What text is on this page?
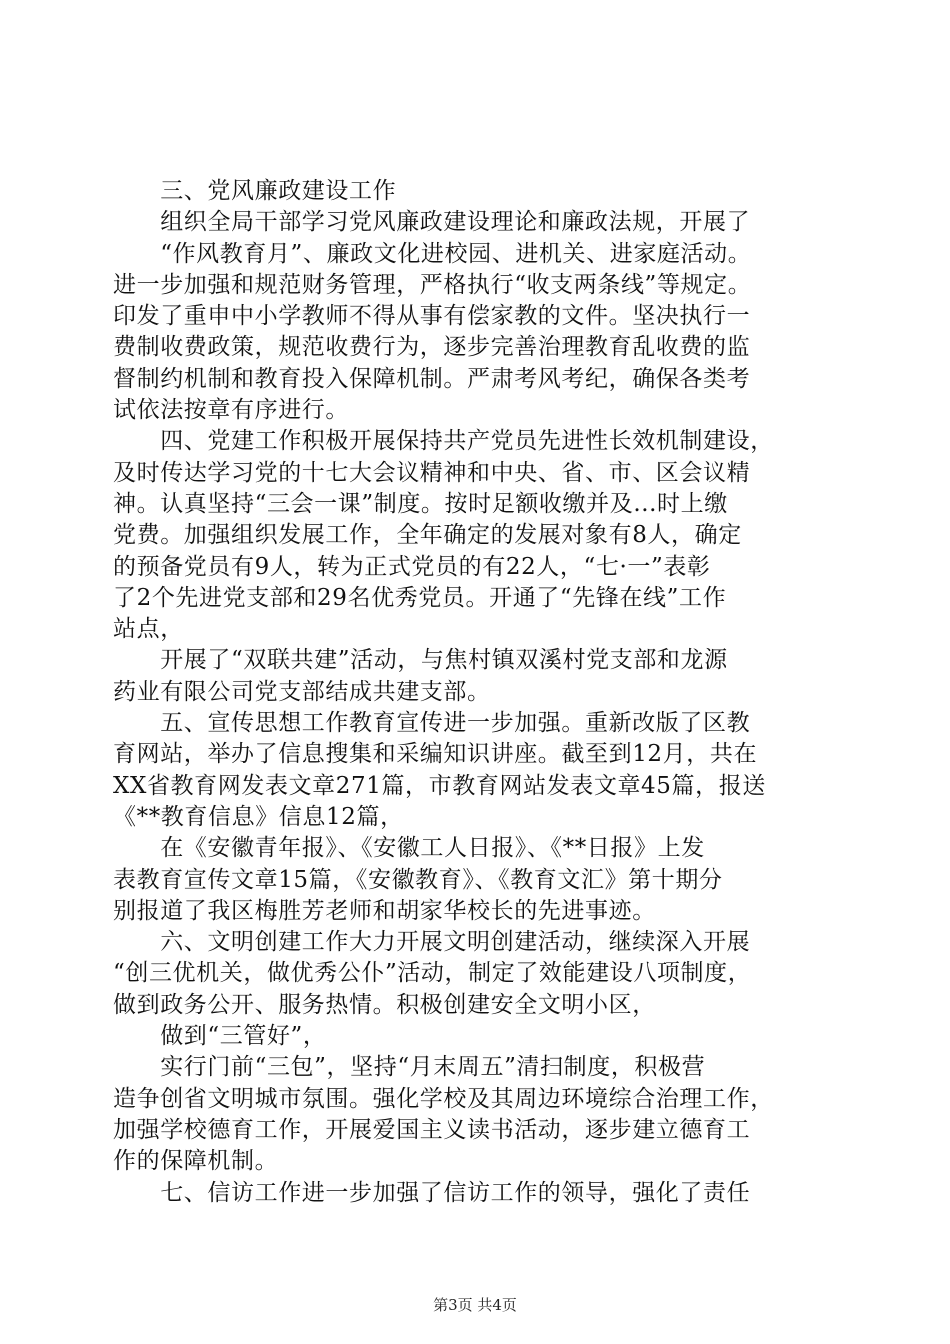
　　三、党风廉政建设工作
　　组织全局干部学习党风廉政建设理论和廉政法规，开展了
　　“作风教育月”、廉政文化进校园、进机关、进家庭活动。
进一步加强和规范财务管理，严格执行“收支两条线”等规定。
印发了重申中小学教师不得从事有偿家教的文件。坚决执行一
费制收费政策，规范收费行为，逐步完善治理教育乱收费的监
督制约机制和教育投入保障机制。严肃考风考纪，确保各类考
试依法按章有序进行。
　　四、党建工作积极开展保持共产党员先进性长效机制建设，
及时传达学习党的十七大会议精神和中央、省、市、区会议精
神。认真坚持“三会一课”制度。按时足额收缴并及...时上缴
党费。加强组织发展工作，全年确定的发展对象有8人，确定
的预备党员有9人，转为正式党员的有22人，“七·一”表彰
了2个先进党支部和29名优秀党员。开通了“先锋在线”工作
站点，
　　开展了“双联共建”活动，与焦村镇双溪村党支部和龙源
药业有限公司党支部结成共建支部。
　　五、宣传思想工作教育宣传进一步加强。重新改版了区教
育网站，举办了信息搜集和采编知识讲座。截至到12月，共在
XX省教育网发表文章271篇，市教育网站发表文章45篇，报送
《**教育信息》信息12篇，
　　在《安徽青年报》、《安徽工人日报》、《**日报》上发
表教育宣传文章15篇，《安徽教育》、《教育文汇》第十期分
别报道了我区梅胜芳老师和胡家华校长的先进事迹。
　　六、文明创建工作大力开展文明创建活动，继续深入开展
“创三优机关，做优秀公仆”活动，制定了效能建设八项制度，
做到政务公开、服务热情。积极创建安全文明小区，
　　做到“三管好”，
　　实行门前“三包”，坚持“月末周五”清扫制度，积极营
造争创省文明城市氛围。强化学校及其周边环境综合治理工作，
加强学校德育工作，开展爱国主义读书活动，逐步建立德育工
作的保障机制。
　　七、信访工作进一步加强了信访工作的领导，强化了责任
第3页 共4页
